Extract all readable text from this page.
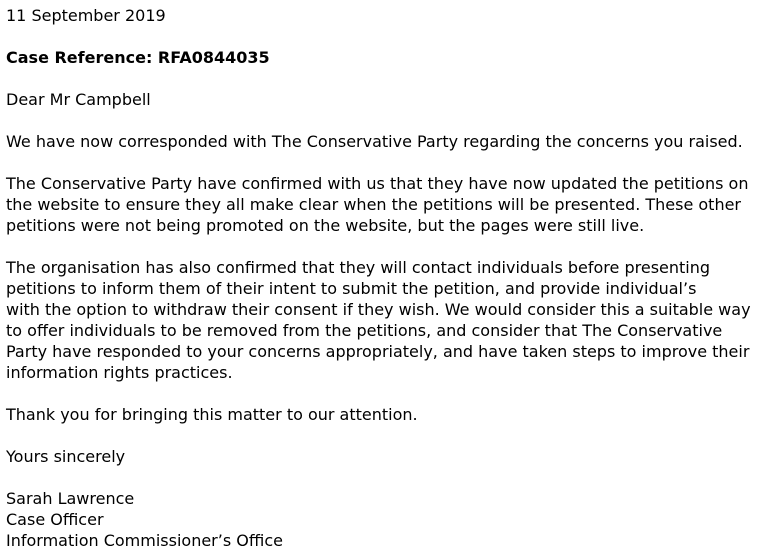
11 September 2019
Case Reference: RFA0844035
Dear Mr Campbell
We have now corresponded with The Conservative Party regarding the concerns you raised.
The Conservative Party have confirmed with us that they have now updated the petitions on
the website to ensure they all make clear when the petitions will be presented. These other
petitions were not being promoted on the website, but the pages were still live.
The organisation has also confirmed that they will contact individuals before presenting
petitions to inform them of their intent to submit the petition, and provide individual’s
with the option to withdraw their consent if they wish. We would consider this a suitable way
to offer individuals to be removed from the petitions, and consider that The Conservative
Party have responded to your concerns appropriately, and have taken steps to improve their
information rights practices.
Thank you for bringing this matter to our attention.
Yours sincerely
Sarah Lawrence
Case Officer
Information Commissioner’s Office
